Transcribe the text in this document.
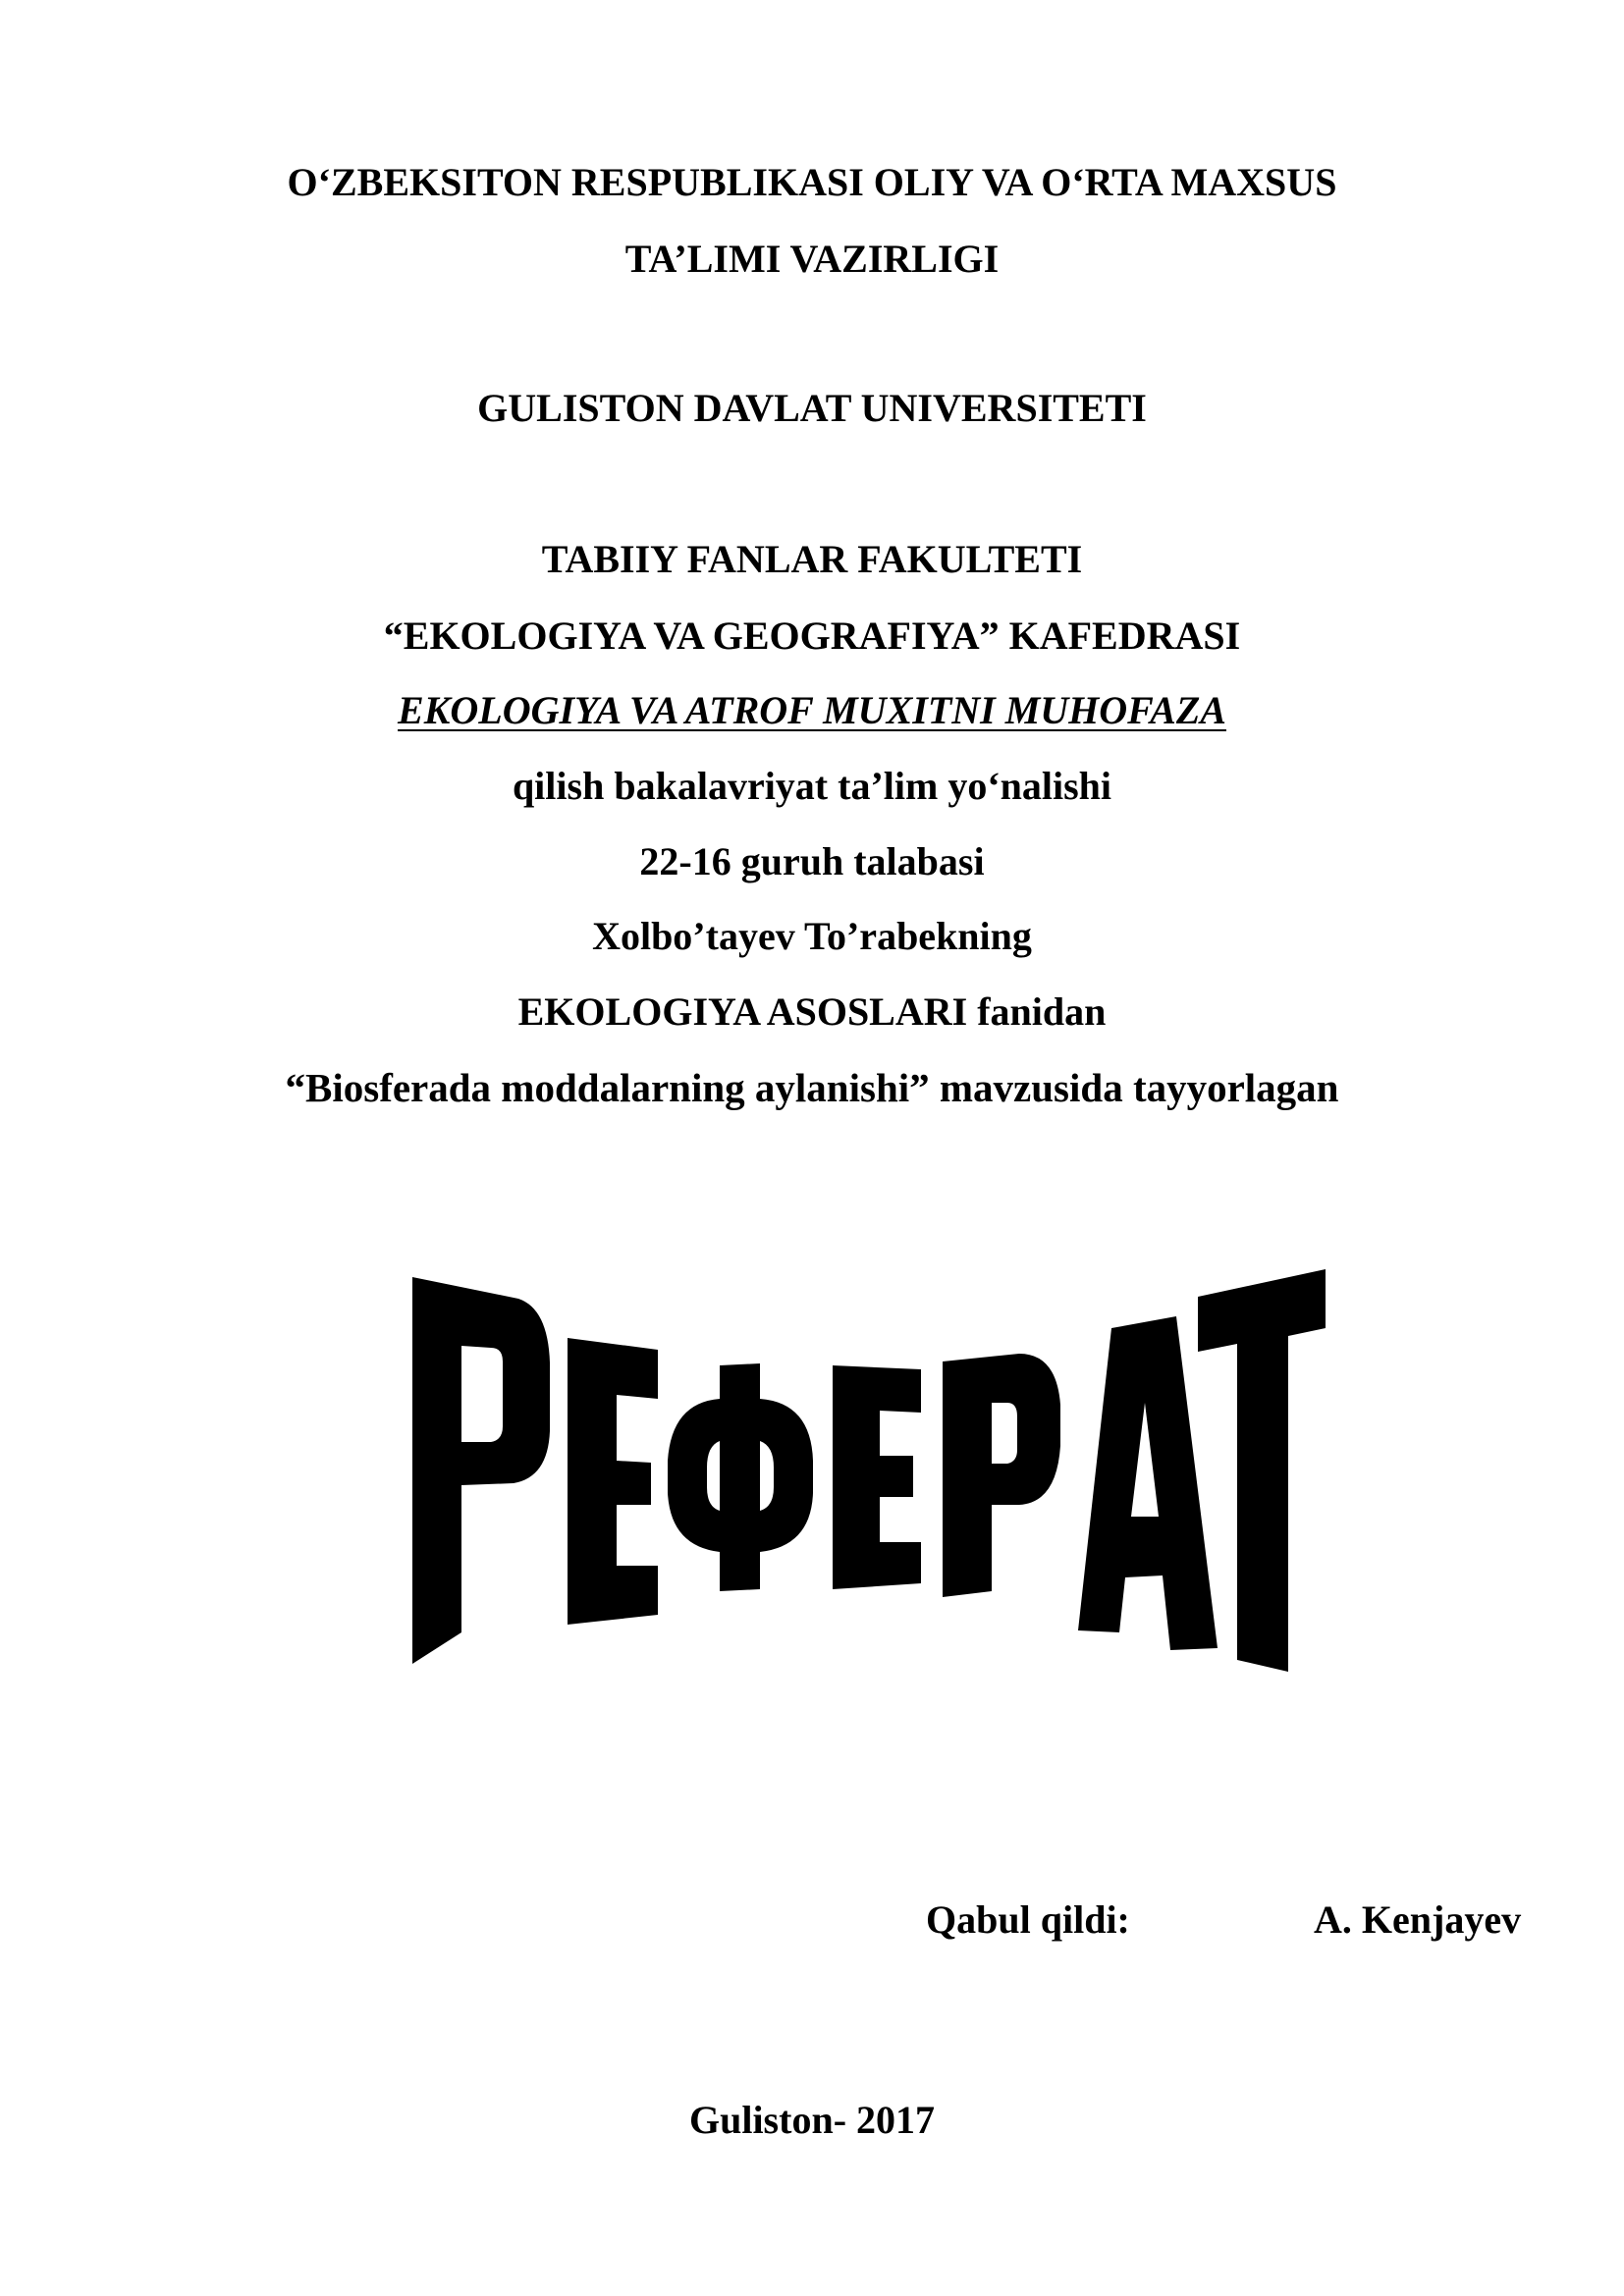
O‘ZBEKSITON RESPUBLIKASI OLIY VA O‘RTA MAXSUS
TA’LIMI VAZIRLIGI
GULISTON DAVLAT UNIVERSITETI
TABIIY FANLAR FAKULTETI
“EKOLOGIYA VA GEOGRAFIYA” KAFEDRASI
EKOLOGIYA VA ATROF MUXITNI MUHOFAZA
qilish bakalavriyat ta’lim yo‘nalishi
22-16 guruh talabasi
Xolbo’tayev To’rabekning
EKOLOGIYA ASOSLARI fanidan
“Biosferada moddalarning aylanishi” mavzusida tayyorlagan
Qabul qildi:	A. Kenjayev
Guliston- 2017
